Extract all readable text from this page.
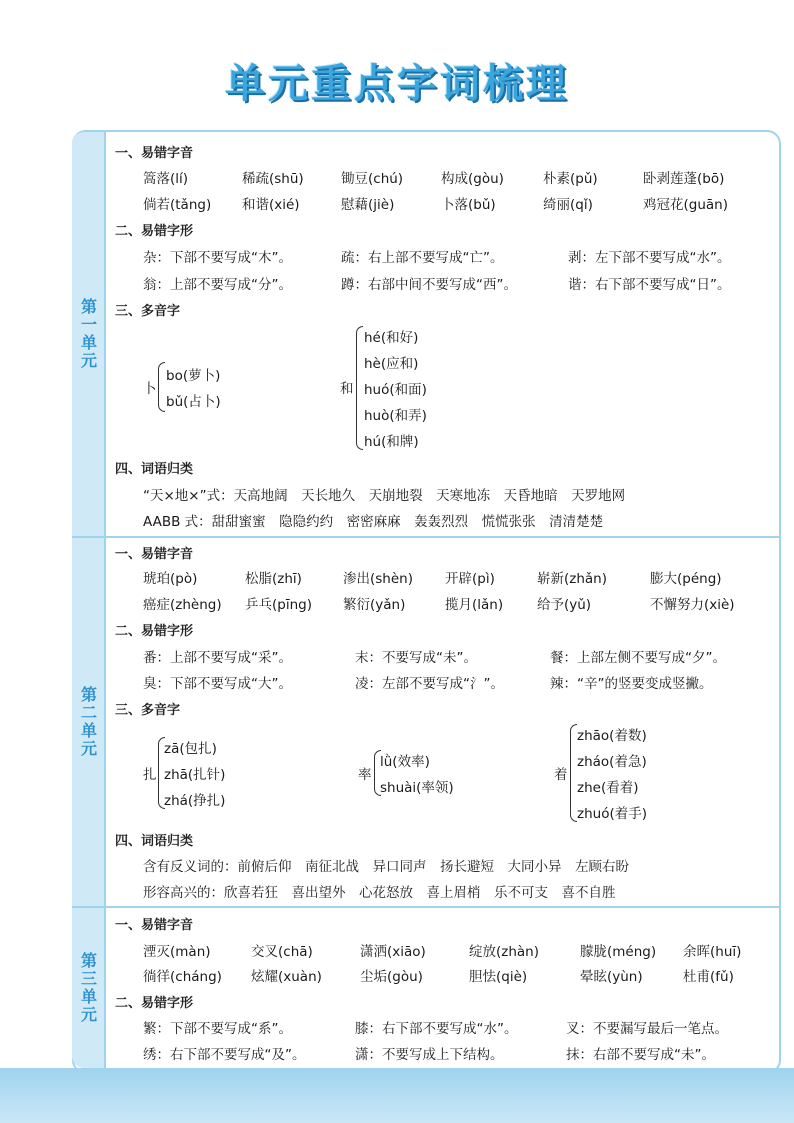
单元重点字词梳理
第一单元
第二单元
第三单元
一、易错字音
篙落(lí)	稀疏(shū)	锄豆(chú)	构成(gòu)	朴素(pǔ)	卧剥莲蓬(bō)
倘若(tǎng) 和谐(xié)	慰藉(jiè)	卜落(bǔ)	绮丽(qǐ)	鸡冠花(guān)
二、易错字形
杂：下部不要写成“木”。	疏：右上部不要写成“亡”。	剥：左下部不要写成“水”。
翁：上部不要写成“分”。	蹲：右部中间不要写成“西”。	谐：右下部不要写成“日”。
三、多音字
卜
bo(萝卜)
bǔ(占卜)
和
hé(和好)
hè(应和)
huó(和面)
huò(和弄)
hú(和牌)
四、词语归类
“天×地×”式：天高地阔　天长地久　天崩地裂　天寒地冻　天昏地暗　天罗地网
AABB 式：甜甜蜜蜜　隐隐约约　密密麻麻　轰轰烈烈　慌慌张张　清清楚楚
一、易错字音
琥珀(pò)	松脂(zhī)	渗出(shèn) 开辟(pì)	崭新(zhǎn)	膨大(péng)
癌症(zhèng) 乒乓(pīng) 繁衍(yǎn)	揽月(lǎn)	给予(yǔ)	不懈努力(xiè)
二、易错字形
番：上部不要写成“采”。	末：不要写成“未”。	餐：上部左侧不要写成“夕”。
臭：下部不要写成“大”。	凌：左部不要写成“氵”。	辣：“辛”的竖要变成竖撇。
三、多音字
扎
zā(包扎)
zhā(扎针)
zhá(挣扎)
率
lǜ(效率)
shuài(率领)
着
zhāo(着数)
zháo(着急)
zhe(看着)
zhuó(着手)
四、词语归类
含有反义词的：前俯后仰　南征北战　异口同声　扬长避短　大同小异　左顾右盼
形容高兴的：欣喜若狂　喜出望外　心花怒放　喜上眉梢　乐不可支　喜不自胜
一、易错字音
湮灭(màn)	交叉(chā)	潇洒(xiāo)	绽放(zhàn)	朦胧(méng) 余晖(huī)
徜徉(cháng) 炫耀(xuàn)	尘垢(gòu)	胆怯(qiè)	晕眩(yùn)	杜甫(fǔ)
二、易错字形
繁：下部不要写成“系”。	膝：右下部不要写成“水”。	叉：不要漏写最后一笔点。
绣：右下部不要写成“及”。	潇：不要写成上下结构。	抹：右部不要写成“未”。
